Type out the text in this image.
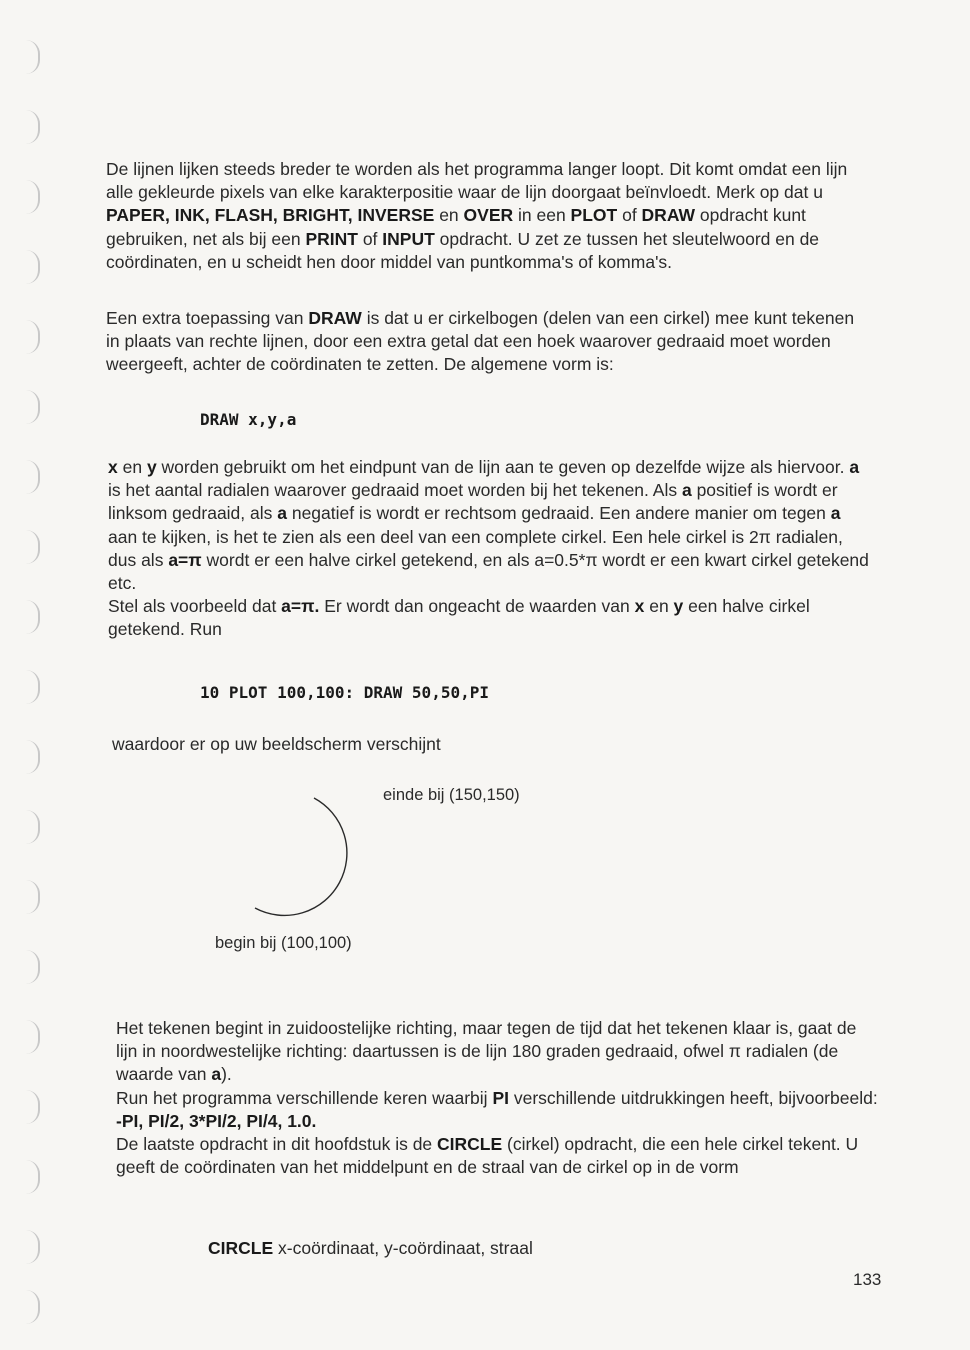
De lijnen lijken steeds breder te worden als het programma langer loopt. Dit komt omdat een lijn alle gekleurde pixels van elke karakterpositie waar de lijn doorgaat beïnvloedt. Merk op dat u PAPER, INK, FLASH, BRIGHT, INVERSE en OVER in een PLOT of DRAW opdracht kunt gebruiken, net als bij een PRINT of INPUT opdracht. U zet ze tussen het sleutelwoord en de coördinaten, en u scheidt hen door middel van puntkomma's of komma's.

Een extra toepassing van DRAW is dat u er cirkelbogen (delen van een cirkel) mee kunt tekenen in plaats van rechte lijnen, door een extra getal dat een hoek waarover gedraaid moet worden weergeeft, achter de coördinaten te zetten. De algemene vorm is:

DRAW x,y,a

x en y worden gebruikt om het eindpunt van de lijn aan te geven op dezelfde wijze als hiervoor. a is het aantal radialen waarover gedraaid moet worden bij het tekenen. Als a positief is wordt er linksom gedraaid, als a negatief is wordt er rechtsom gedraaid. Een andere manier om tegen a aan te kijken, is het te zien als een deel van een complete cirkel. Een hele cirkel is 2π radialen, dus als a=π wordt er een halve cirkel getekend, en als a=0.5*π wordt er een kwart cirkel getekend etc.
Stel als voorbeeld dat a=π. Er wordt dan ongeacht de waarden van x en y een halve cirkel getekend. Run

10 PLOT 100,100: DRAW 50,50,PI

waardoor er op uw beeldscherm verschijnt

einde bij (150,150)

begin bij (100,100)

Het tekenen begint in zuidoostelijke richting, maar tegen de tijd dat het tekenen klaar is, gaat de lijn in noordwestelijke richting: daartussen is de lijn 180 graden gedraaid, ofwel π radialen (de waarde van a).
Run het programma verschillende keren waarbij PI verschillende uitdrukkingen heeft, bijvoorbeeld: -PI, PI/2, 3*PI/2, PI/4, 1.0.
De laatste opdracht in dit hoofdstuk is de CIRCLE (cirkel) opdracht, die een hele cirkel tekent. U geeft de coördinaten van het middelpunt en de straal van de cirkel op in de vorm

CIRCLE x-coördinaat, y-coördinaat, straal

133
